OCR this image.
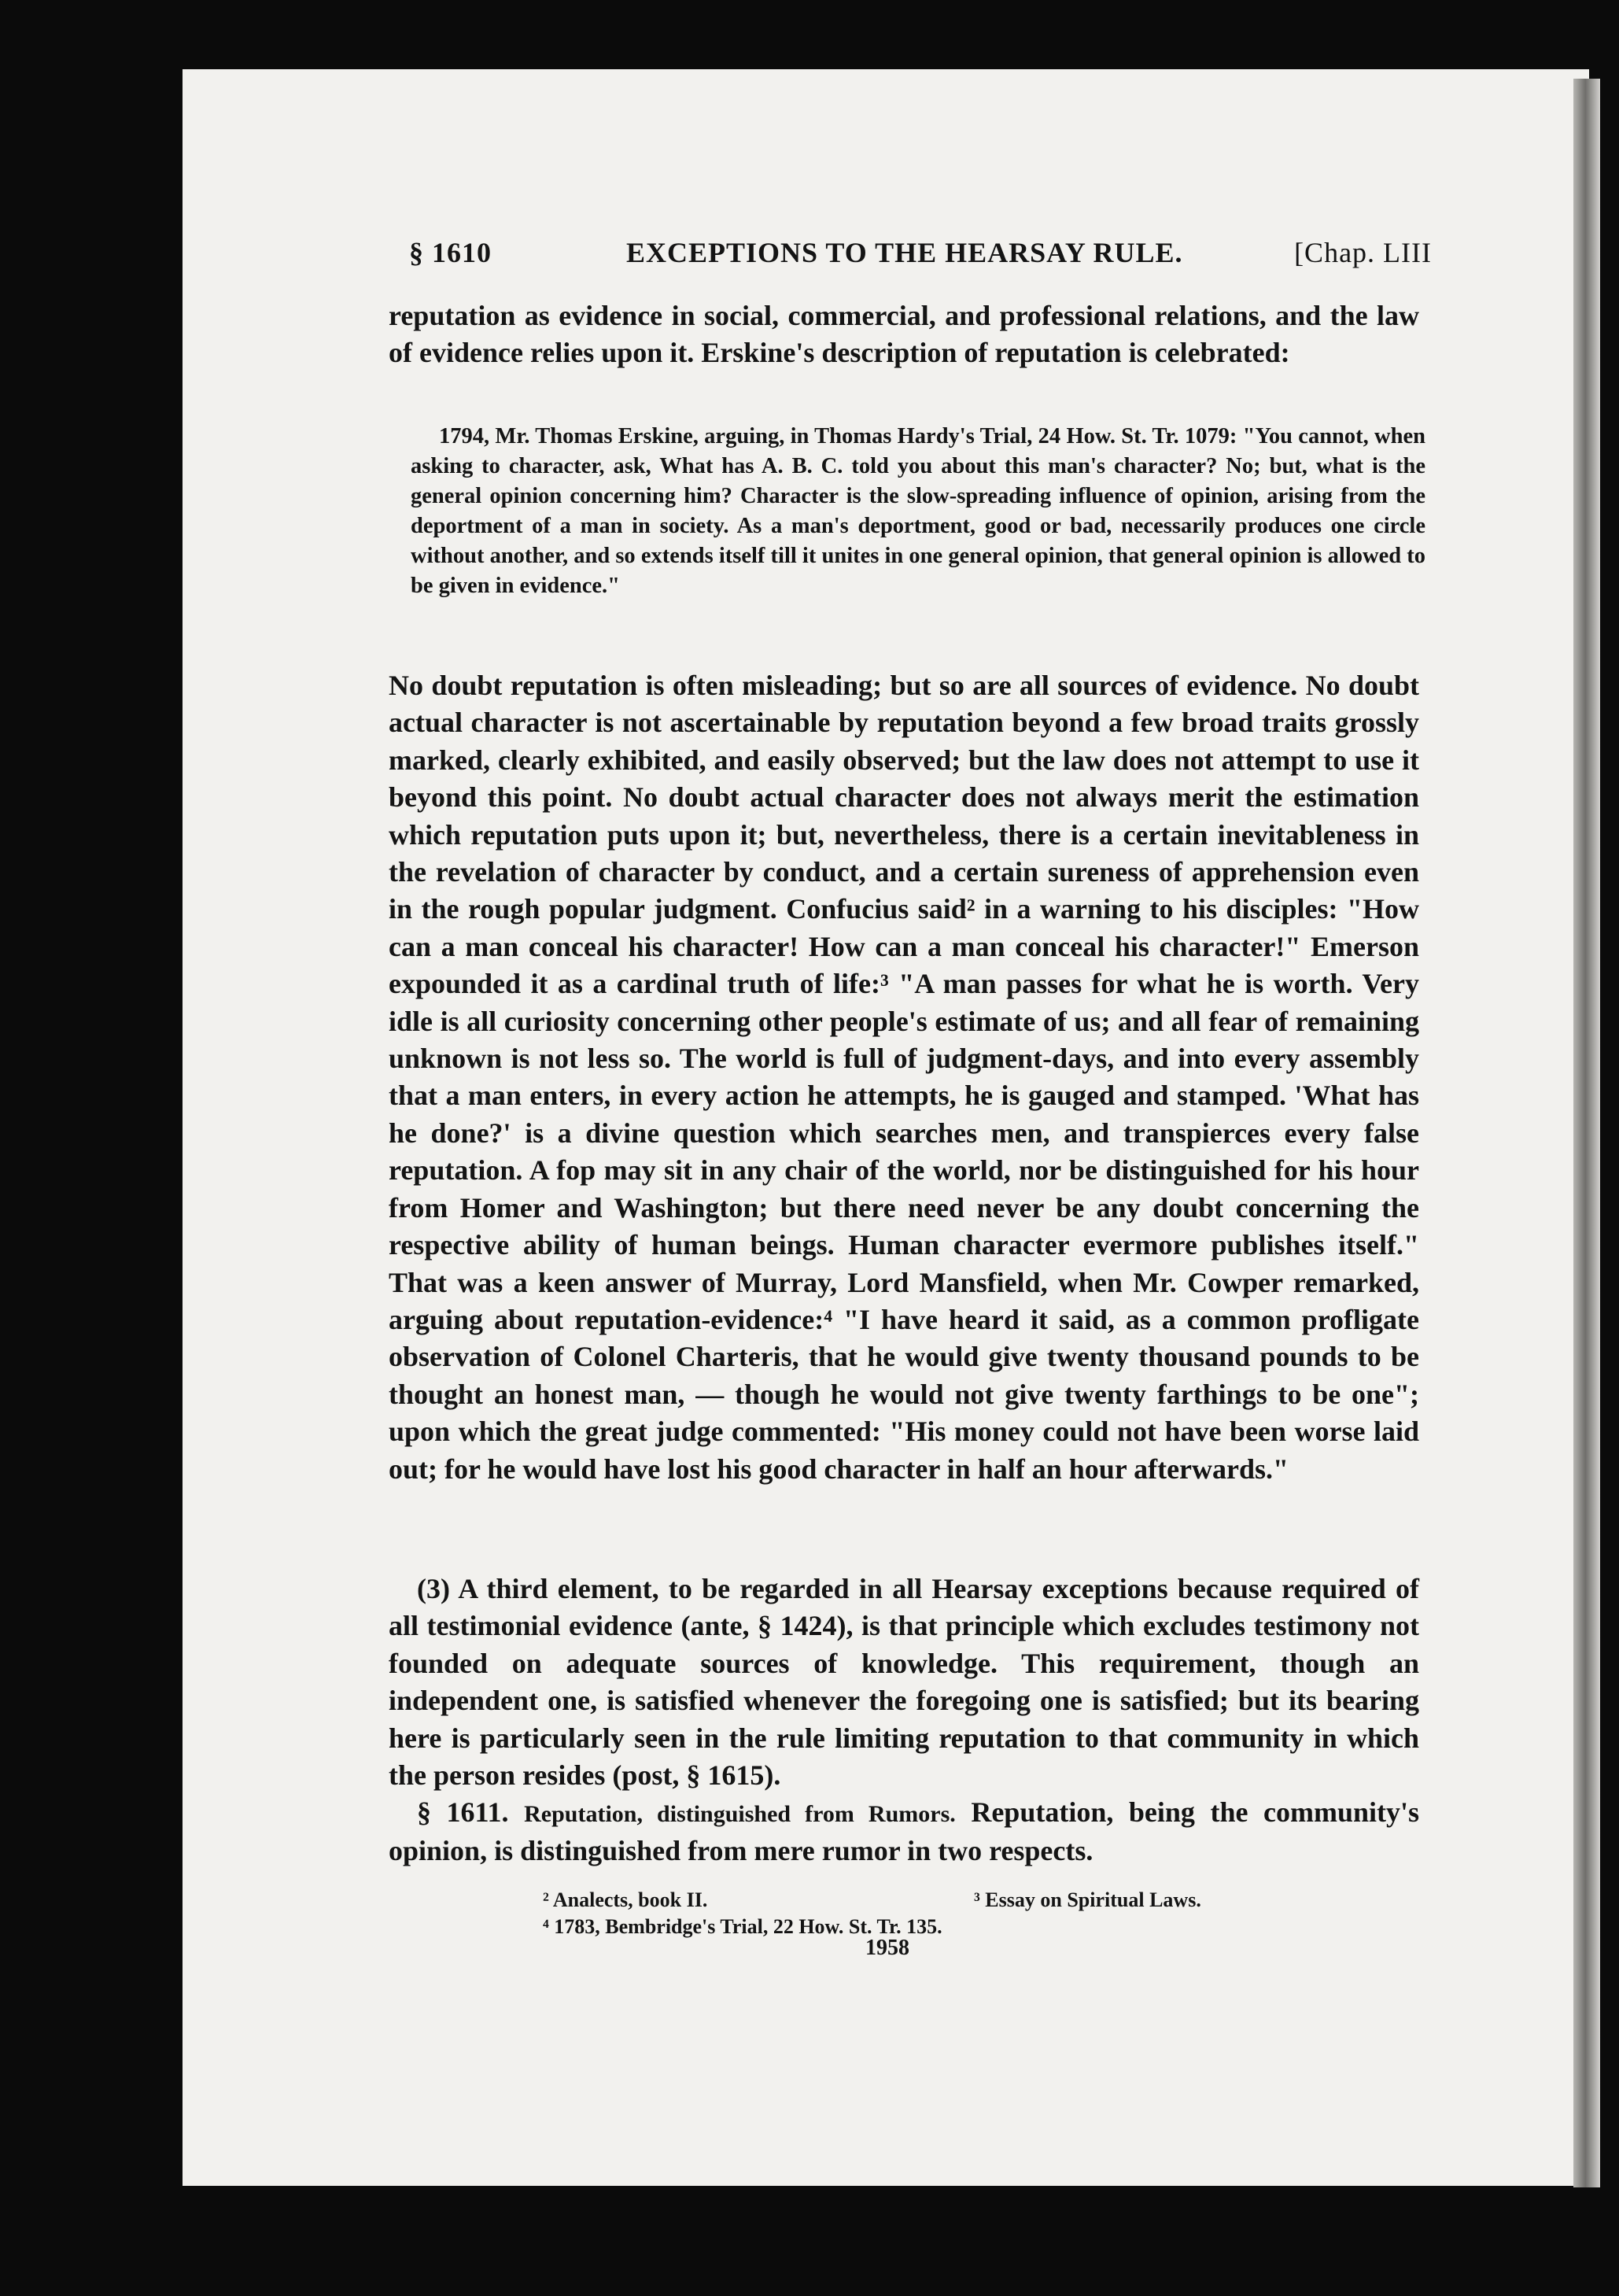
§ 1610	EXCEPTIONS TO THE HEARSAY RULE.	[Chap. LIII

reputation as evidence in social, commercial, and professional relations, and the law of evidence relies upon it. Erskine's description of reputation is celebrated:

1794, Mr. Thomas Erskine, arguing, in Thomas Hardy's Trial, 24 How. St. Tr. 1079: "You cannot, when asking to character, ask, What has A. B. C. told you about this man's character? No; but, what is the general opinion concerning him? Character is the slow-spreading influence of opinion, arising from the deportment of a man in society. As a man's deportment, good or bad, necessarily produces one circle without another, and so extends itself till it unites in one general opinion, that general opinion is allowed to be given in evidence."

No doubt reputation is often misleading; but so are all sources of evidence. No doubt actual character is not ascertainable by reputation beyond a few broad traits grossly marked, clearly exhibited, and easily observed; but the law does not attempt to use it beyond this point. No doubt actual character does not always merit the estimation which reputation puts upon it; but, nevertheless, there is a certain inevitableness in the revelation of character by conduct, and a certain sureness of apprehension even in the rough popular judgment. Confucius said² in a warning to his disciples: "How can a man conceal his character! How can a man conceal his character!" Emerson expounded it as a cardinal truth of life:³ "A man passes for what he is worth. Very idle is all curiosity concerning other people's estimate of us; and all fear of remaining unknown is not less so. The world is full of judgment-days, and into every assembly that a man enters, in every action he attempts, he is gauged and stamped. 'What has he done?' is a divine question which searches men, and transpierces every false reputation. A fop may sit in any chair of the world, nor be distinguished for his hour from Homer and Washington; but there need never be any doubt concerning the respective ability of human beings. Human character evermore publishes itself." That was a keen answer of Murray, Lord Mansfield, when Mr. Cowper remarked, arguing about reputation-evidence:⁴ "I have heard it said, as a common profligate observation of Colonel Charteris, that he would give twenty thousand pounds to be thought an honest man, — though he would not give twenty farthings to be one"; upon which the great judge commented: "His money could not have been worse laid out; for he would have lost his good character in half an hour afterwards."

(3) A third element, to be regarded in all Hearsay exceptions because required of all testimonial evidence (ante, § 1424), is that principle which excludes testimony not founded on adequate sources of knowledge. This requirement, though an independent one, is satisfied whenever the foregoing one is satisfied; but its bearing here is particularly seen in the rule limiting reputation to that community in which the person resides (post, § 1615).

§ 1611. Reputation, distinguished from Rumors. Reputation, being the community's opinion, is distinguished from mere rumor in two respects.

² Analects, book II.	³ Essay on Spiritual Laws.
⁴ 1783, Bembridge's Trial, 22 How. St. Tr. 135.
1958
